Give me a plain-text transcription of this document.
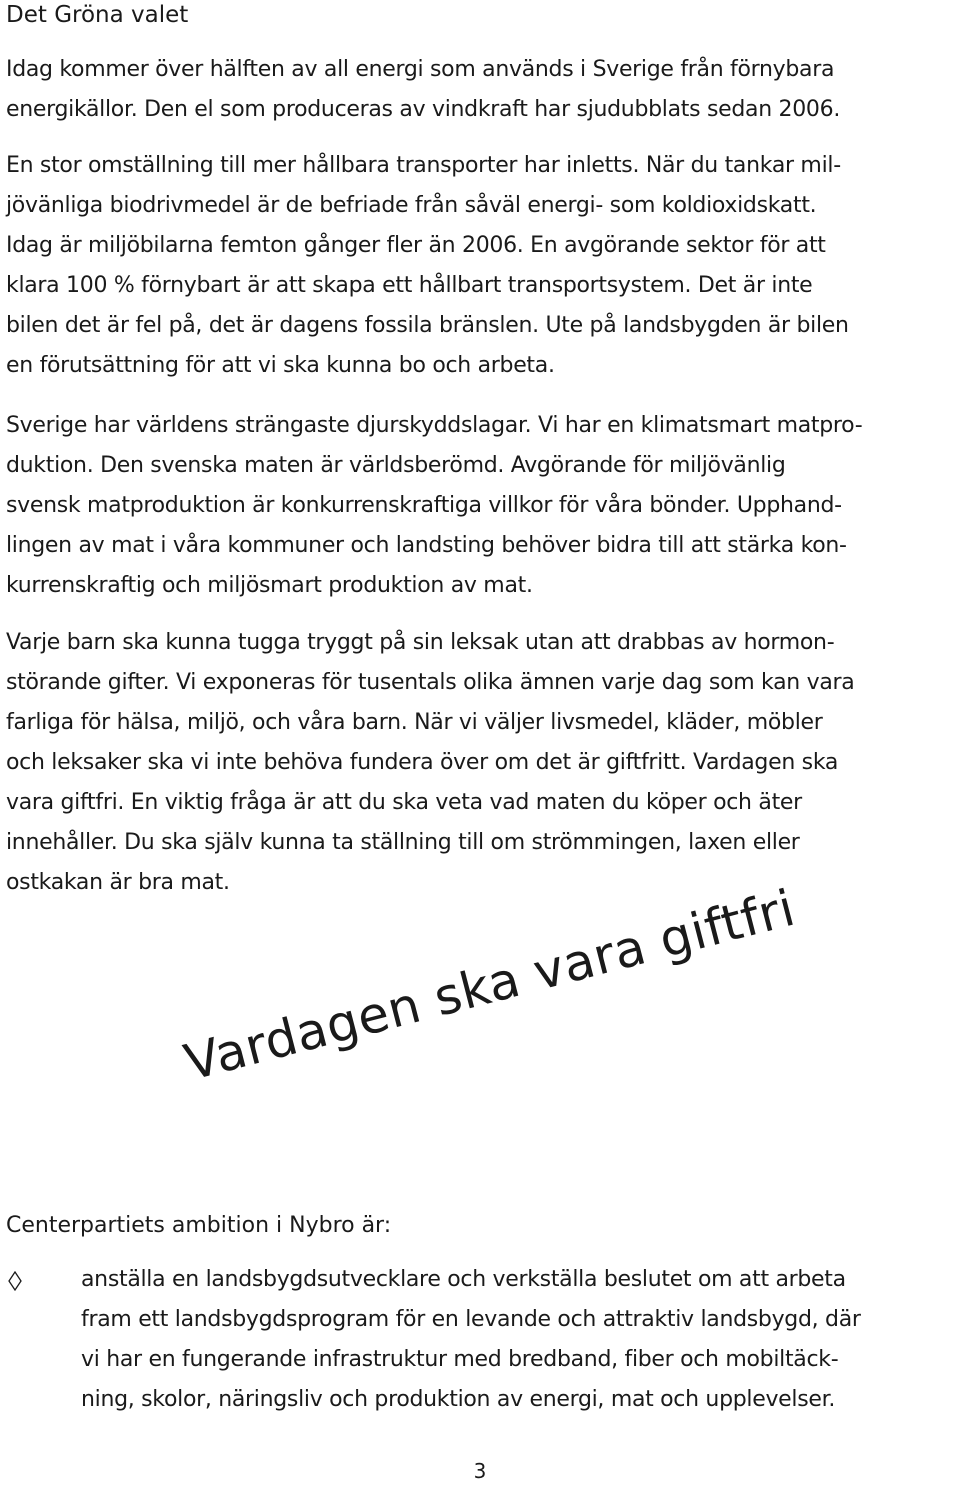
Det Gröna valet

Idag kommer över hälften av all energi som används i Sverige från förnybara
energikällor. Den el som produceras av vindkraft har sjudubblats sedan 2006.

En stor omställning till mer hållbara transporter har inletts. När du tankar mil-
jövänliga biodrivmedel är de befriade från såväl energi- som koldioxidskatt.
Idag är miljöbilarna femton gånger fler än 2006. En avgörande sektor för att
klara 100 % förnybart är att skapa ett hållbart transportsystem. Det är inte
bilen det är fel på, det är dagens fossila bränslen. Ute på landsbygden är bilen
en förutsättning för att vi ska kunna bo och arbeta.

Sverige har världens strängaste djurskyddslagar. Vi har en klimatsmart matpro-
duktion. Den svenska maten är världsberömd. Avgörande för miljövänlig
svensk matproduktion är konkurrenskraftiga villkor för våra bönder. Upphand-
lingen av mat i våra kommuner och landsting behöver bidra till att stärka kon-
kurrenskraftig och miljösmart produktion av mat.

Varje barn ska kunna tugga tryggt på sin leksak utan att drabbas av hormon-
störande gifter. Vi exponeras för tusentals olika ämnen varje dag som kan vara
farliga för hälsa, miljö, och våra barn. När vi väljer livsmedel, kläder, möbler
och leksaker ska vi inte behöva fundera över om det är giftfritt. Vardagen ska
vara giftfri. En viktig fråga är att du ska veta vad maten du köper och äter
innehåller. Du ska själv kunna ta ställning till om strömmingen, laxen eller
ostkakan är bra mat.

Vardagen ska vara giftfri
Centerpartiets ambition i Nybro är:
anställa en landsbygdsutvecklare och verkställa beslutet om att arbeta
fram ett landsbygdsprogram för en levande och attraktiv landsbygd, där
vi har en fungerande infrastruktur med bredband, fiber och mobiltäck-
ning, skolor, näringsliv och produktion av energi, mat och upplevelser.
3
